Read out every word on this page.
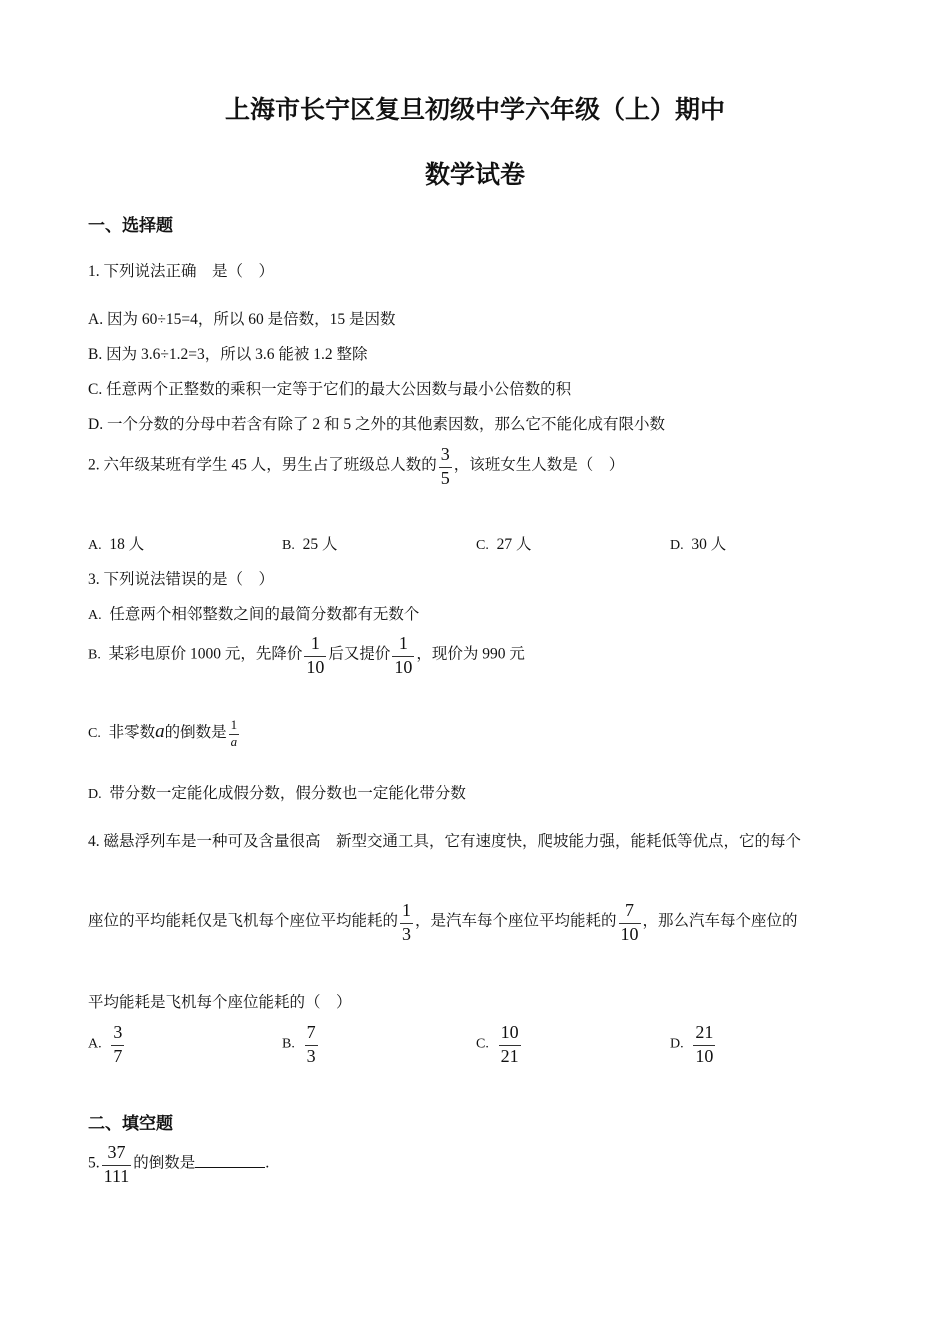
上海市长宁区复旦初级中学六年级（上）期中
数学试卷
一、选择题
1. 下列说法正确　是（　）
A. 因为 60÷15=4，所以 60 是倍数，15 是因数
B. 因为 3.6÷1.2=3，所以 3.6 能被 1.2 整除
C. 任意两个正整数的乘积一定等于它们的最大公因数与最小公倍数的积
D. 一个分数的分母中若含有除了 2 和 5 之外的其他素因数，那么它不能化成有限小数
2. 六年级某班有学生 45 人，男生占了班级总人数的 $\frac{3}{5}$ ，该班女生人数是（　）
A. 18 人	B. 25 人	C. 27 人	D. 30 人
3. 下列说法错误的是（　）
A. 任意两个相邻整数之间的最简分数都有无数个
B. 某彩电原价 1000 元，先降价 $\frac{1}{10}$ 后又提价 $\frac{1}{10}$ ，现价为 990 元
C. 非零数a的倒数是 $\frac{1}{a}$
D. 带分数一定能化成假分数，假分数也一定能化带分数
4. 磁悬浮列车是一种可及含量很高　新型交通工具，它有速度快，爬坡能力强，能耗低等优点，它的每个
座位的平均能耗仅是飞机每个座位平均能耗的 $\frac{1}{3}$ ，是汽车每个座位平均能耗的 $\frac{7}{10}$ ，那么汽车每个座位的
平均能耗是飞机每个座位能耗的（　）
A. $\frac{3}{7}$	B. $\frac{7}{3}$	C. $\frac{10}{21}$	D. $\frac{21}{10}$
二、填空题
5. $\frac{37}{111}$ 的倒数是	.
